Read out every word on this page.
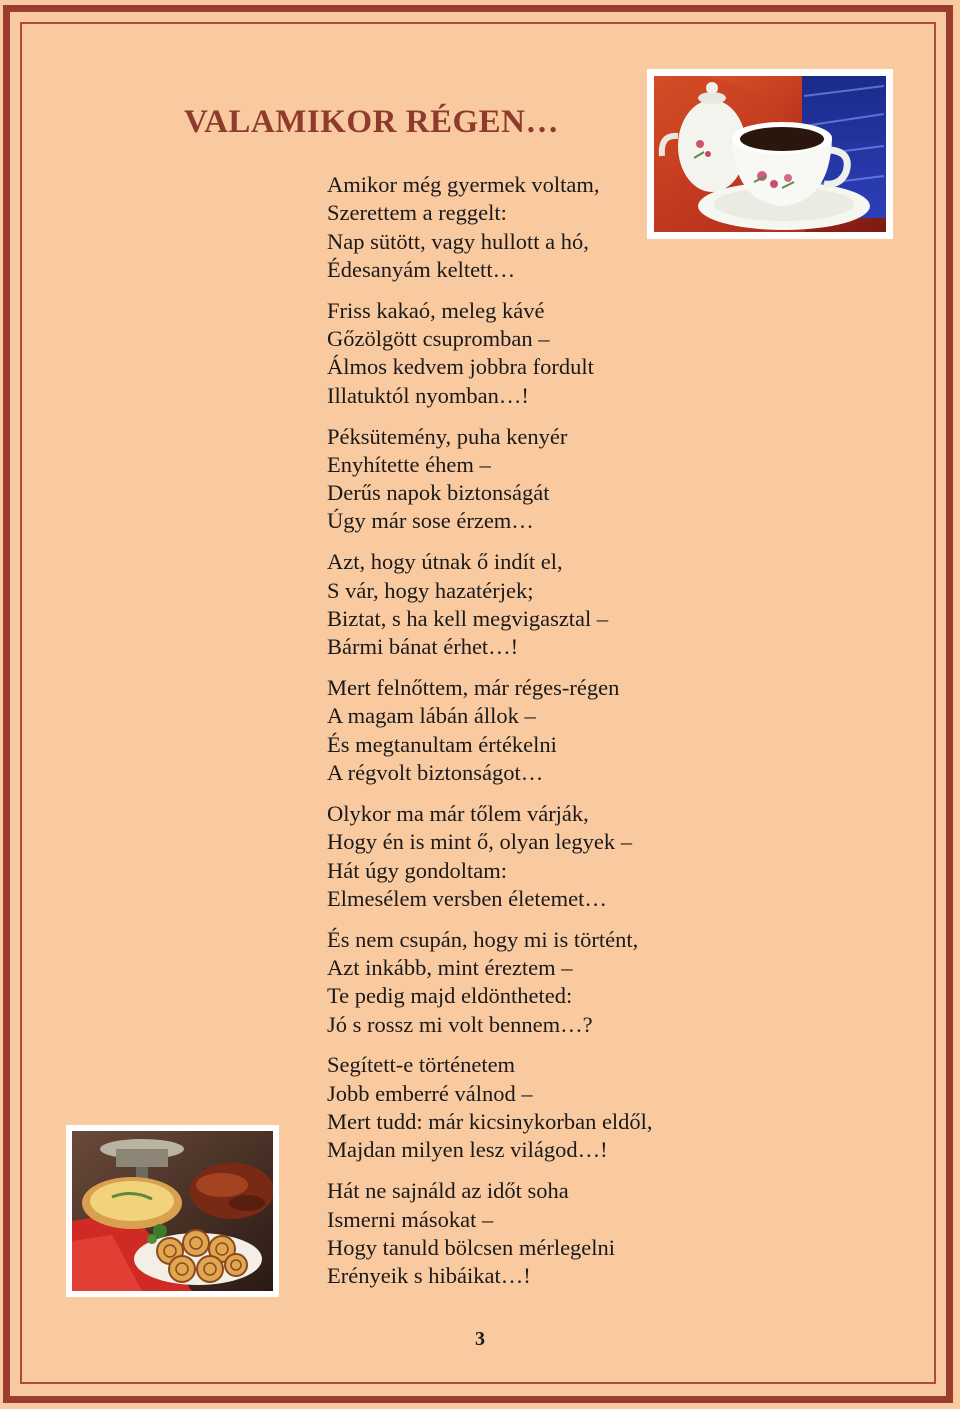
VALAMIKOR RÉGEN…
Amikor még gyermek voltam,
Szerettem a reggelt:
Nap sütött, vagy hullott a hó,
Édesanyám keltett…
Friss kakaó, meleg kávé
Gőzölgött csupromban –
Álmos kedvem jobbra fordult
Illatuktól nyomban…!
Péksütemény, puha kenyér
Enyhítette éhem –
Derűs napok biztonságát
Úgy már sose érzem…
Azt, hogy útnak ő indít el,
S vár, hogy hazatérjek;
Biztat, s ha kell megvigasztal –
Bármi bánat érhet…!
Mert felnőttem, már réges-régen
A magam lábán állok –
És megtanultam értékelni
A régvolt biztonságot…
Olykor ma már tőlem várják,
Hogy én is mint ő, olyan legyek –
Hát úgy gondoltam:
Elmesélem versben életemet…
És nem csupán, hogy mi is történt,
Azt inkább, mint éreztem –
Te pedig majd eldöntheted:
Jó s rossz mi volt bennem…?
Segített-e történetem
Jobb emberré válnod –
Mert tudd: már kicsinykorban eldől,
Majdan milyen lesz világod…!
Hát ne sajnáld az időt soha
Ismerni másokat –
Hogy tanuld bölcsen mérlegelni
Erényeik s hibáikat…!
3
